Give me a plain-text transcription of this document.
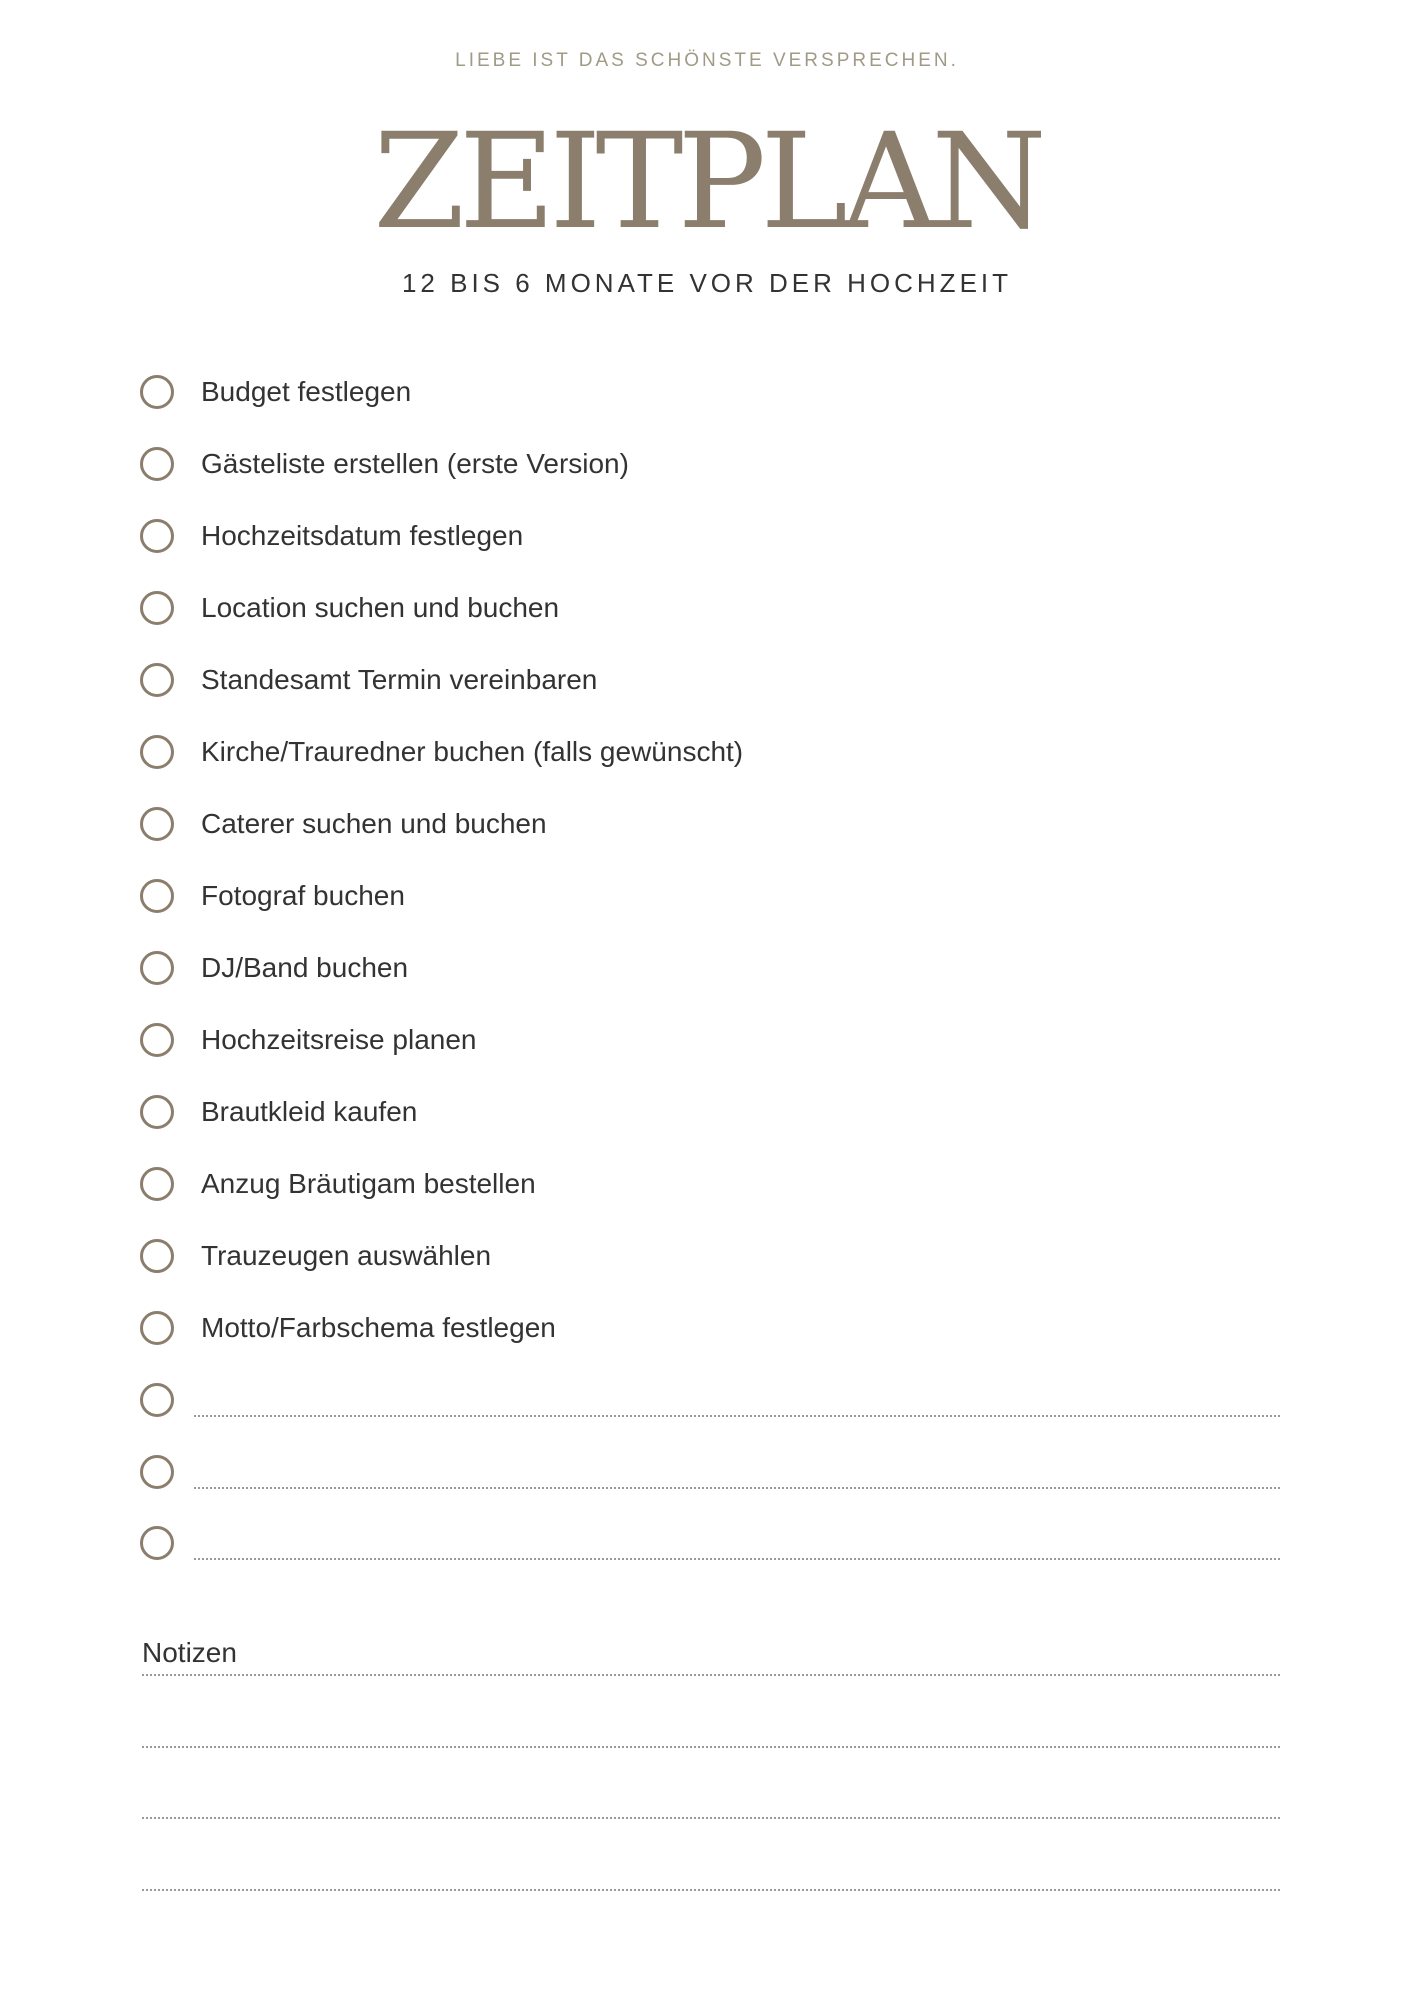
LIEBE IST DAS SCHÖNSTE VERSPRECHEN.
ZEITPLAN
12 BIS 6 MONATE VOR DER HOCHZEIT
Budget festlegen
Gästeliste erstellen (erste Version)
Hochzeitsdatum festlegen
Location suchen und buchen
Standesamt Termin vereinbaren
Kirche/Trauredner buchen (falls gewünscht)
Caterer suchen und buchen
Fotograf buchen
DJ/Band buchen
Hochzeitsreise planen
Brautkleid kaufen
Anzug Bräutigam bestellen
Trauzeugen auswählen
Motto/Farbschema festlegen
Notizen
